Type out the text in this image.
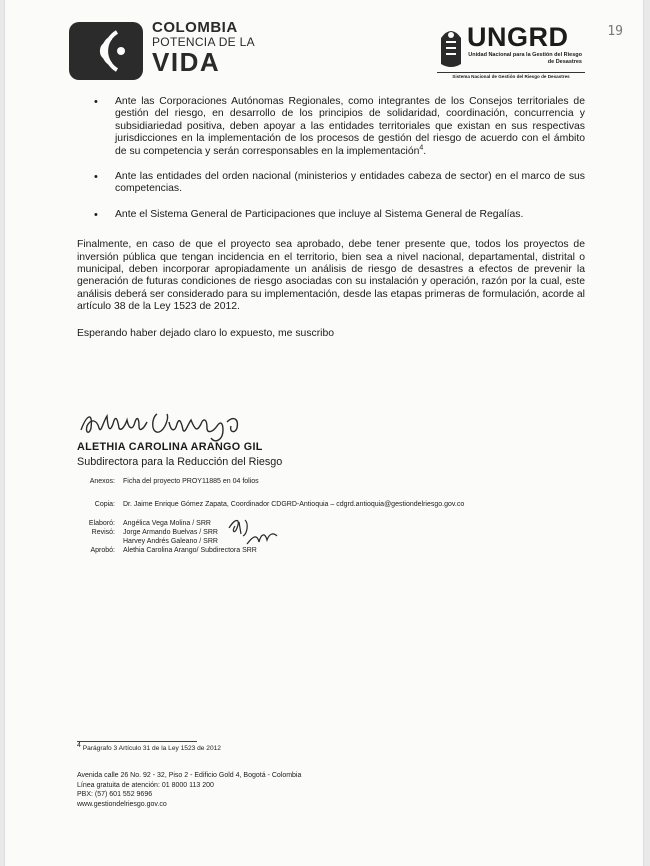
19
COLOMBIA
POTENCIA DE LA
VIDA
UNGRD
Unidad Nacional para la Gestión del Riesgo de Desastres
Sistema Nacional de Gestión del Riesgo de Desastres
• Ante las Corporaciones Autónomas Regionales, como integrantes de los Consejos territoriales de gestión del riesgo, en desarrollo de los principios de solidaridad, coordinación, concurrencia y subsidiariedad positiva, deben apoyar a las entidades territoriales que existan en sus respectivas jurisdicciones en la implementación de los procesos de gestión del riesgo de acuerdo con el ámbito de su competencia y serán corresponsables en la implementación$^4$.
• Ante las entidades del orden nacional (ministerios y entidades cabeza de sector) en el marco de sus competencias.
• Ante el Sistema General de Participaciones que incluye al Sistema General de Regalías.

Finalmente, en caso de que el proyecto sea aprobado, debe tener presente que, todos los proyectos de inversión pública que tengan incidencia en el territorio, bien sea a nivel nacional, departamental, distrital o municipal, deben incorporar apropiadamente un análisis de riesgo de desastres a efectos de prevenir la generación de futuras condiciones de riesgo asociadas con su instalación y operación, razón por la cual, este análisis deberá ser considerado para su implementación, desde las etapas primeras de formulación, acorde al artículo 38 de la Ley 1523 de 2012.

Esperando haber dejado claro lo expuesto, me suscribo

ALETHIA CAROLINA ARANGO GIL
Subdirectora para la Reducción del Riesgo
Anexos: Ficha del proyecto PROY11885 en 04 folios
Copia: Dr. Jaime Enrique Gómez Zapata, Coordinador CDGRD-Antioquia – cdgrd.antioquia@gestiondelriesgo.gov.co
Elaboró: Angélica Vega Molina / SRR
Revisó: Jorge Armando Buelvas / SRR
Harvey Andrés Galeano / SRR
Aprobó: Alethia Carolina Arango/ Subdirectora SRR
$^4$ Parágrafo 3 Artículo 31 de la Ley 1523 de 2012
Avenida calle 26 No. 92 - 32, Piso 2 - Edificio Gold 4, Bogotá - Colombia
Línea gratuita de atención: 01 8000 113 200
PBX: (57) 601 552 9696
www.gestiondelriesgo.gov.co
